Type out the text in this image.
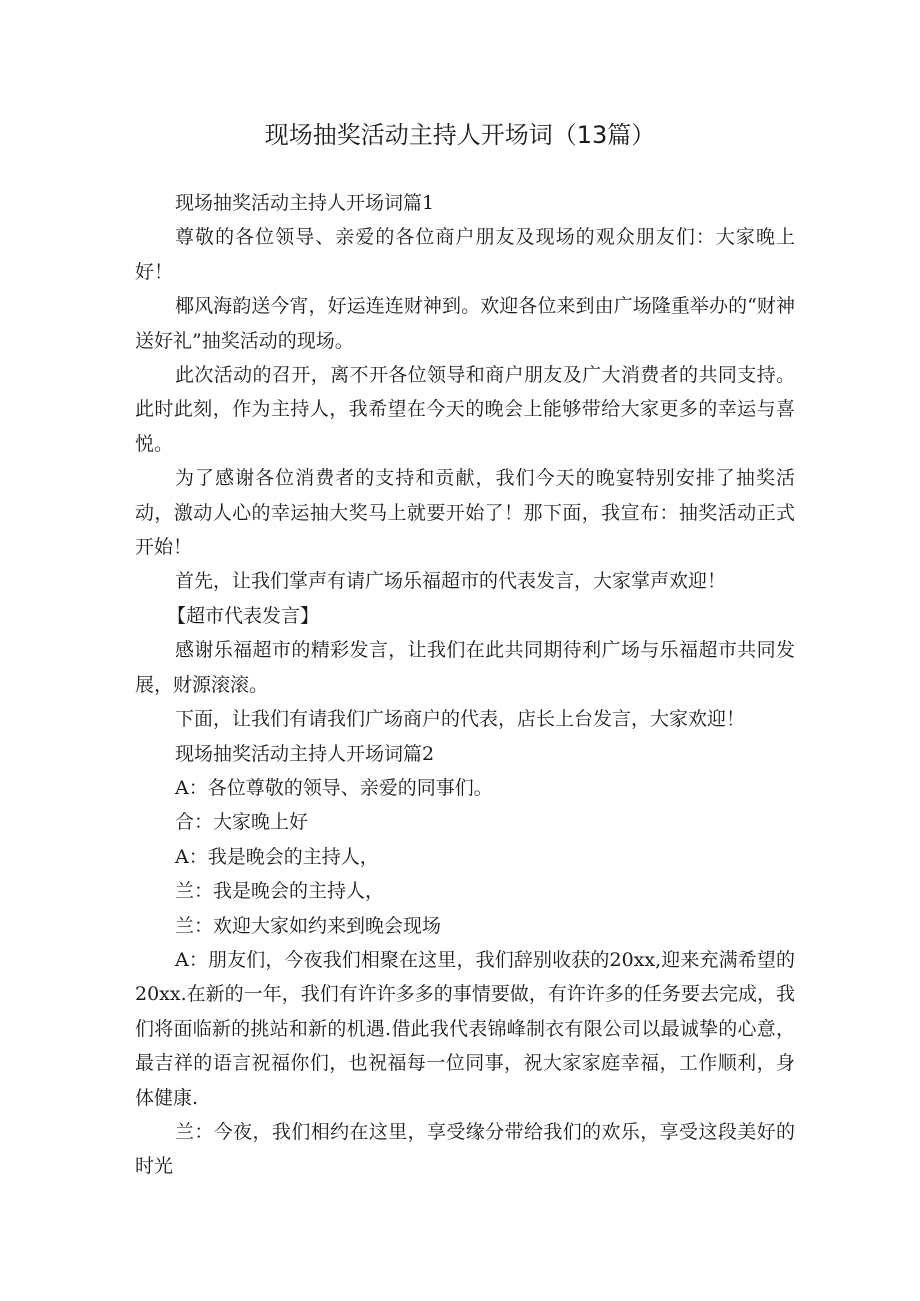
现场抽奖活动主持人开场词（13篇）

现场抽奖活动主持人开场词篇1

尊敬的各位领导、亲爱的各位商户朋友及现场的观众朋友们：大家晚上好！

椰风海韵送今宵，好运连连财神到。欢迎各位来到由广场隆重举办的“财神送好礼”抽奖活动的现场。

此次活动的召开，离不开各位领导和商户朋友及广大消费者的共同支持。此时此刻，作为主持人，我希望在今天的晚会上能够带给大家更多的幸运与喜悦。

为了感谢各位消费者的支持和贡献，我们今天的晚宴特别安排了抽奖活动，激动人心的幸运抽大奖马上就要开始了！那下面，我宣布：抽奖活动正式开始！

首先，让我们掌声有请广场乐福超市的代表发言，大家掌声欢迎！

【超市代表发言】

感谢乐福超市的精彩发言，让我们在此共同期待利广场与乐福超市共同发展，财源滚滚。

下面，让我们有请我们广场商户的代表，店长上台发言，大家欢迎！

现场抽奖活动主持人开场词篇2

A：各位尊敬的领导、亲爱的同事们。

合：大家晚上好

A：我是晚会的主持人，

兰：我是晚会的主持人，

兰：欢迎大家如约来到晚会现场

A：朋友们，今夜我们相聚在这里，我们辞别收获的20xx,迎来充满希望的20xx.在新的一年，我们有许许多多的事情要做，有许许多的任务要去完成，我们将面临新的挑站和新的机遇.借此我代表锦峰制衣有限公司以最诚挚的心意，最吉祥的语言祝福你们，也祝福每一位同事，祝大家家庭幸福，工作顺利，身体健康.

兰：今夜，我们相约在这里，享受缘分带给我们的欢乐，享受这段美好的时光
